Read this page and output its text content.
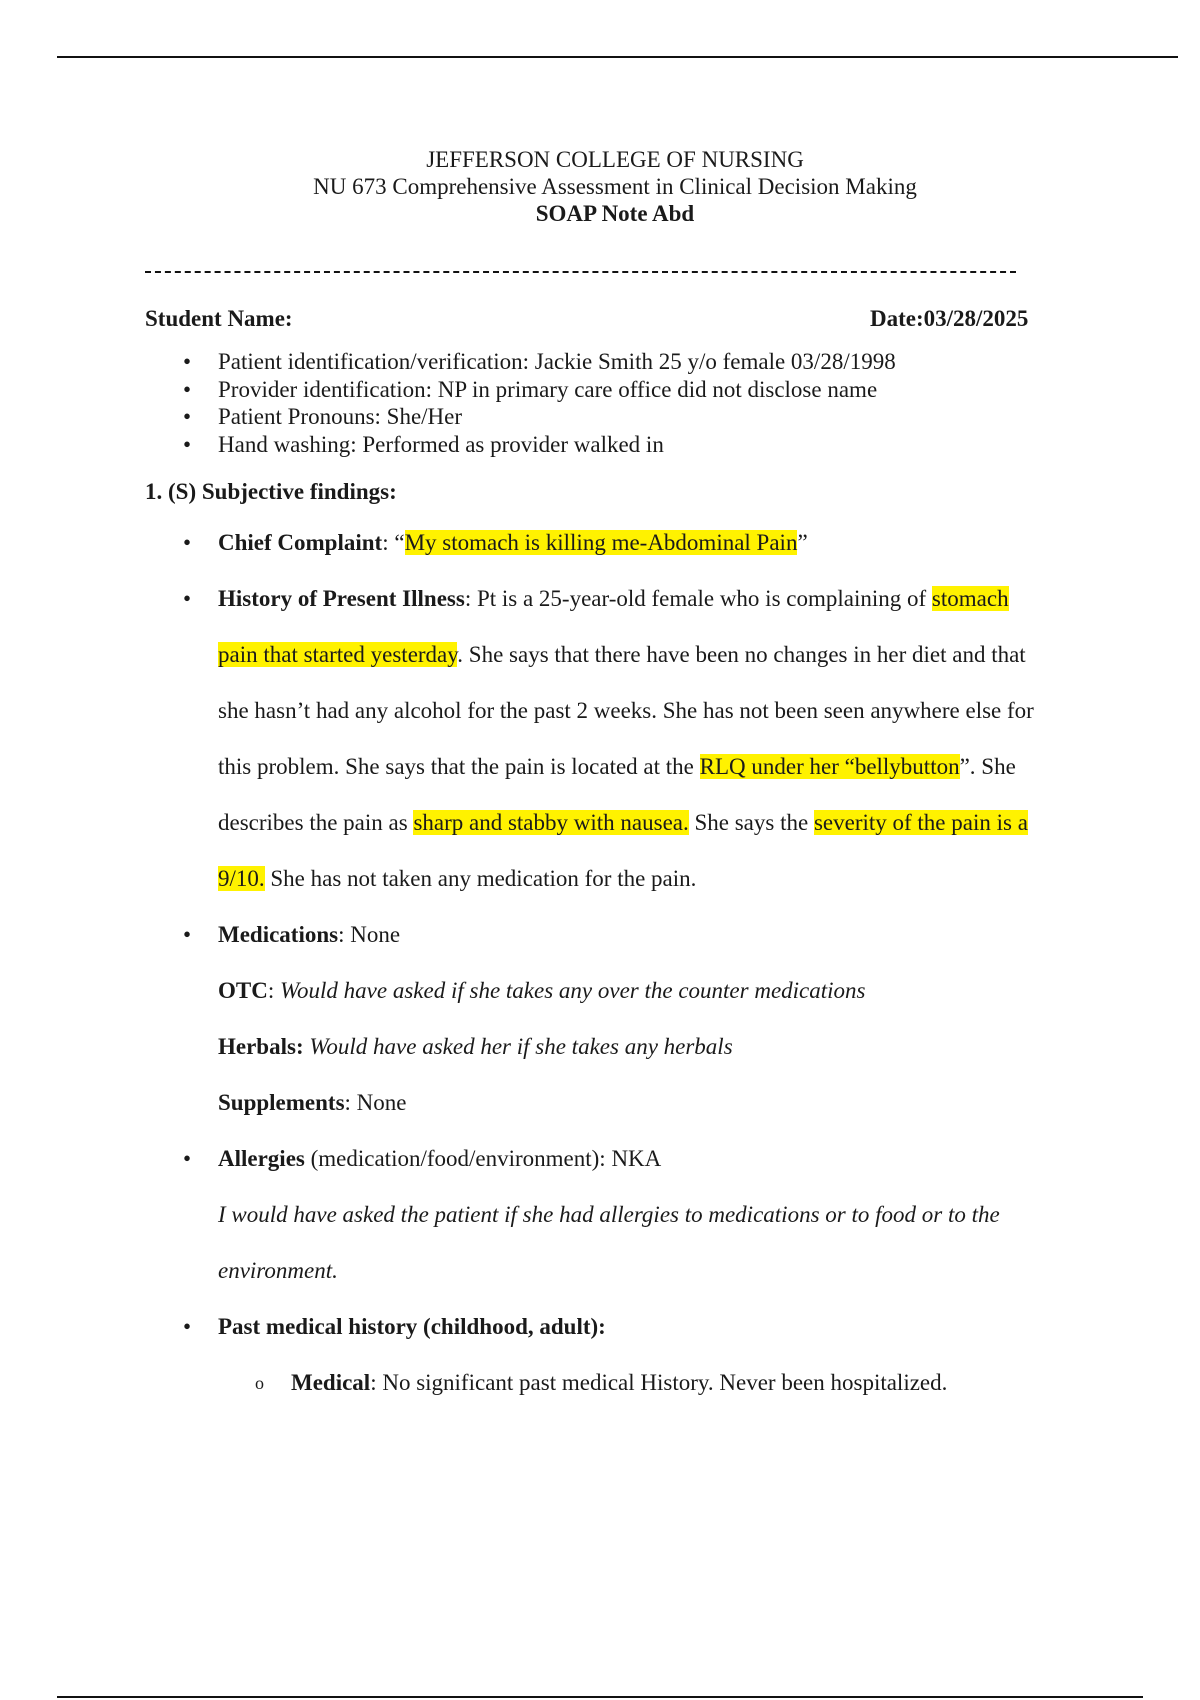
JEFFERSON COLLEGE OF NURSING
NU 673 Comprehensive Assessment in Clinical Decision Making
SOAP Note Abd
Student Name:	Date:03/28/2025
• Patient identification/verification: Jackie Smith 25 y/o female 03/28/1998
• Provider identification: NP in primary care office did not disclose name
• Patient Pronouns: She/Her
• Hand washing: Performed as provider walked in
1. (S) Subjective findings:
• Chief Complaint: “My stomach is killing me-Abdominal Pain”
• History of Present Illness: Pt is a 25-year-old female who is complaining of stomach
pain that started yesterday. She says that there have been no changes in her diet and that
she hasn’t had any alcohol for the past 2 weeks. She has not been seen anywhere else for
this problem. She says that the pain is located at the RLQ under her “bellybutton”. She
describes the pain as sharp and stabby with nausea. She says the severity of the pain is a
9/10. She has not taken any medication for the pain.
• Medications: None
OTC: Would have asked if she takes any over the counter medications
Herbals: Would have asked her if she takes any herbals
Supplements: None
• Allergies (medication/food/environment): NKA
I would have asked the patient if she had allergies to medications or to food or to the
environment.
• Past medical history (childhood, adult):
o Medical: No significant past medical History. Never been hospitalized.
